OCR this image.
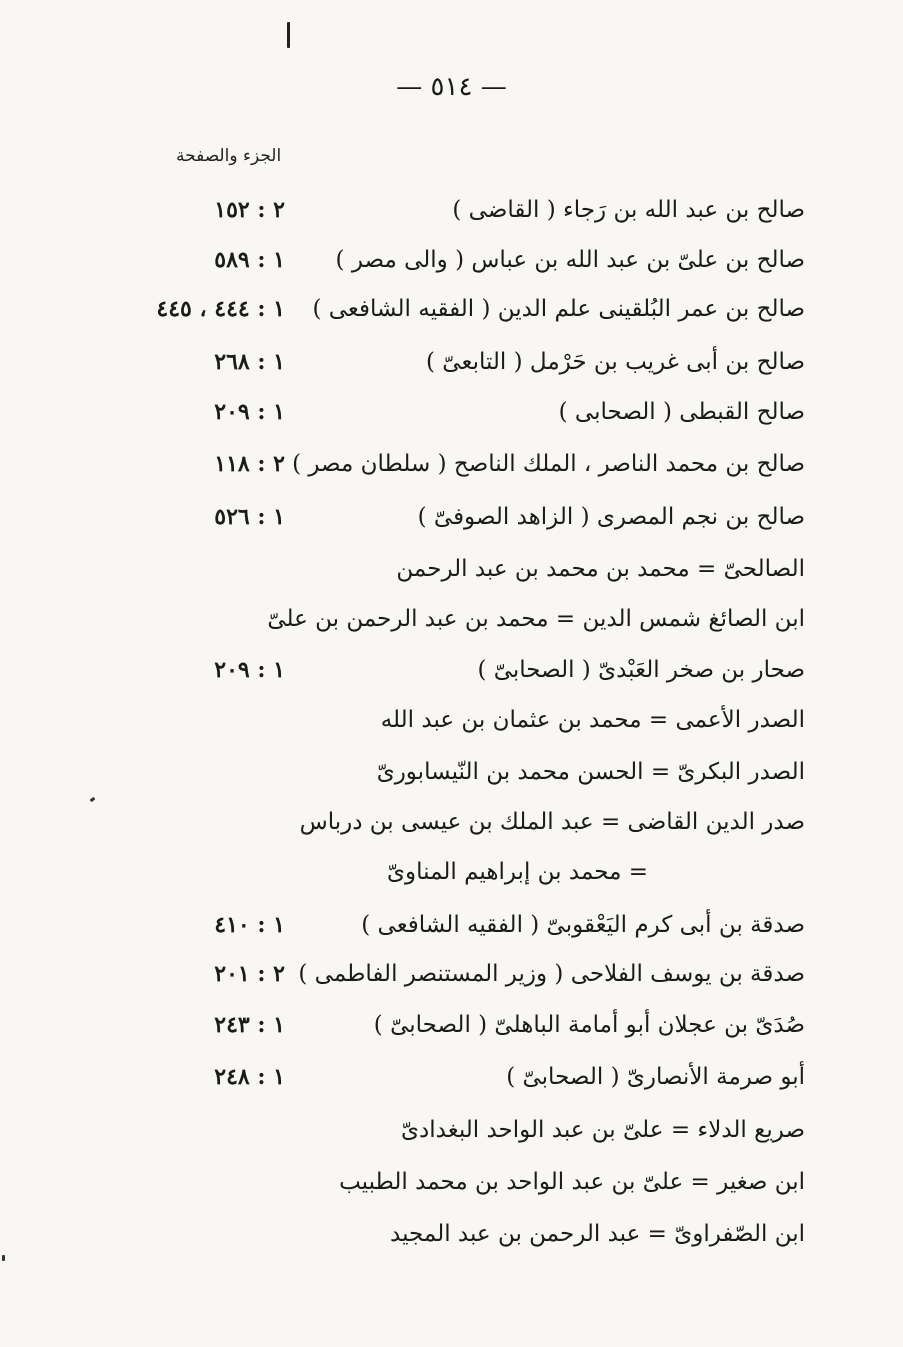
— ٥١٤ —
الجزء والصفحة
صالح بن عبد الله بن رَجاء ( القاضى )
٢ : ١٥٢
صالح بن علىّ بن عبد الله بن عباس ( والى مصر )
١ : ٥٨٩
صالح بن عمر البُلقينى علم الدين ( الفقيه الشافعى )
١ : ٤٤٤ ، ٤٤٥
صالح بن أبى غريب بن حَرْمل ( التابعىّ )
١ : ٢٦٨
صالح القبطى ( الصحابى )
١ : ٢٠٩
صالح بن محمد الناصر ، الملك الناصح ( سلطان مصر )
٢ : ١١٨
صالح بن نجم المصرى ( الزاهد الصوفىّ )
١ : ٥٢٦
الصالحىّ = محمد بن محمد بن عبد الرحمن
ابن الصائغ شمس الدين = محمد بن عبد الرحمن بن علىّ
صحار بن صخر العَبْدىّ ( الصحابىّ )
١ : ٢٠٩
الصدر الأعمى = محمد بن عثمان بن عبد الله
الصدر البكرىّ = الحسن محمد بن النّيسابورىّ
صدر الدين القاضى = عبد الملك بن عيسى بن درباس
= محمد بن إبراهيم المناوىّ
صدقة بن أبى كرم اليَعْقوبىّ ( الفقيه الشافعى )
١ : ٤١٠
صدقة بن يوسف الفلاحى ( وزير المستنصر الفاطمى )
٢ : ٢٠١
صُدَىّ بن عجلان أبو أمامة الباهلىّ ( الصحابىّ )
١ : ٢٤٣
أبو صرمة الأنصارىّ ( الصحابىّ )
١ : ٢٤٨
صريع الدلاء = علىّ بن عبد الواحد البغدادىّ
ابن صغير = علىّ بن عبد الواحد بن محمد الطبيب
ابن الصّفراوىّ = عبد الرحمن بن عبد المجيد
